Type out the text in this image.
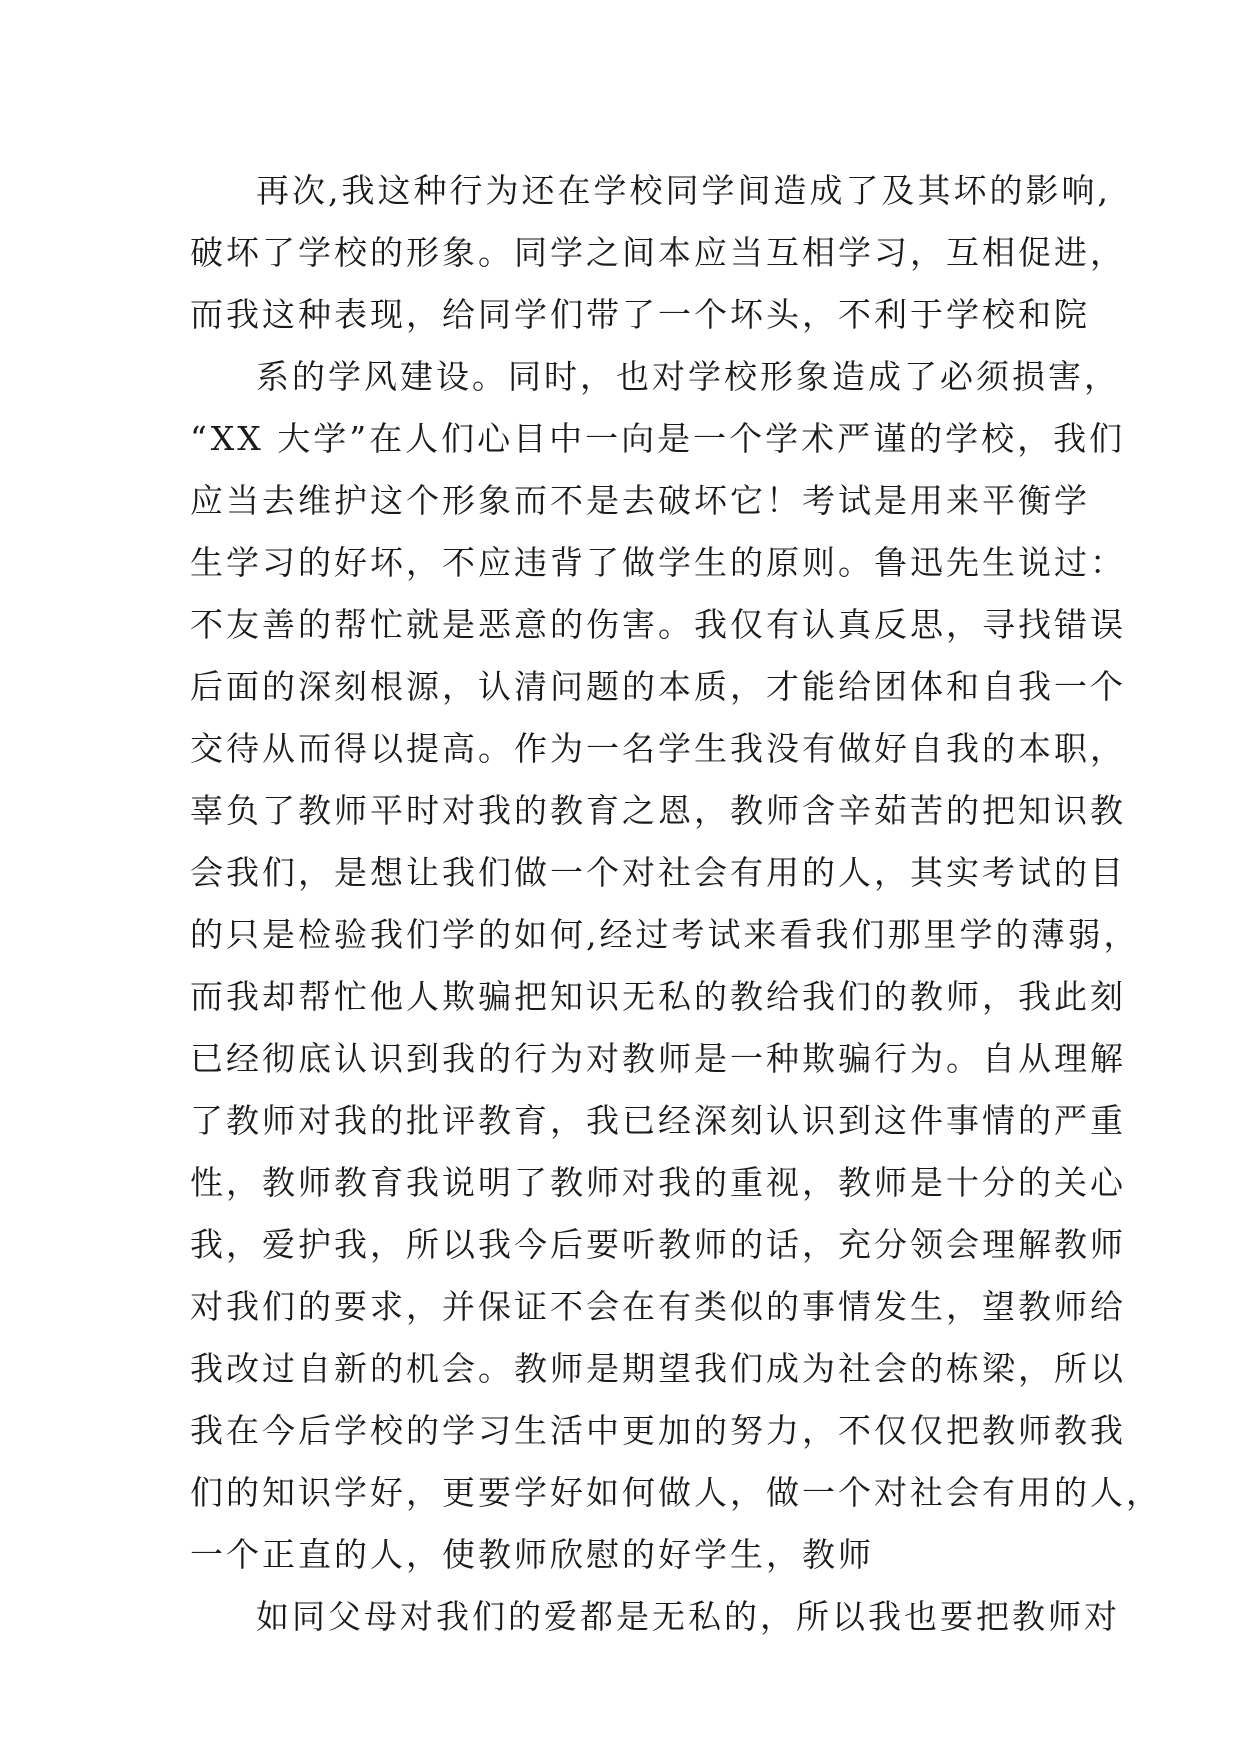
再次,我这种行为还在学校同学间造成了及其坏的影响,
破坏了学校的形象。同学之间本应当互相学习，互相促进，
而我这种表现，给同学们带了一个坏头，不利于学校和院
系的学风建设。同时，也对学校形象造成了必须损害，
“XX 大学”在人们心目中一向是一个学术严谨的学校，我们
应当去维护这个形象而不是去破坏它！考试是用来平衡学
生学习的好坏，不应违背了做学生的原则。鲁迅先生说过：
不友善的帮忙就是恶意的伤害。我仅有认真反思，寻找错误
后面的深刻根源，认清问题的本质，才能给团体和自我一个
交待从而得以提高。作为一名学生我没有做好自我的本职，
辜负了教师平时对我的教育之恩，教师含辛茹苦的把知识教
会我们，是想让我们做一个对社会有用的人，其实考试的目
的只是检验我们学的如何,经过考试来看我们那里学的薄弱，
而我却帮忙他人欺骗把知识无私的教给我们的教师，我此刻
已经彻底认识到我的行为对教师是一种欺骗行为。自从理解
了教师对我的批评教育，我已经深刻认识到这件事情的严重
性，教师教育我说明了教师对我的重视，教师是十分的关心
我，爱护我，所以我今后要听教师的话，充分领会理解教师
对我们的要求，并保证不会在有类似的事情发生，望教师给
我改过自新的机会。教师是期望我们成为社会的栋梁，所以
我在今后学校的学习生活中更加的努力，不仅仅把教师教我
们的知识学好，更要学好如何做人，做一个对社会有用的人，
一个正直的人，使教师欣慰的好学生，教师
如同父母对我们的爱都是无私的，所以我也要把教师对
